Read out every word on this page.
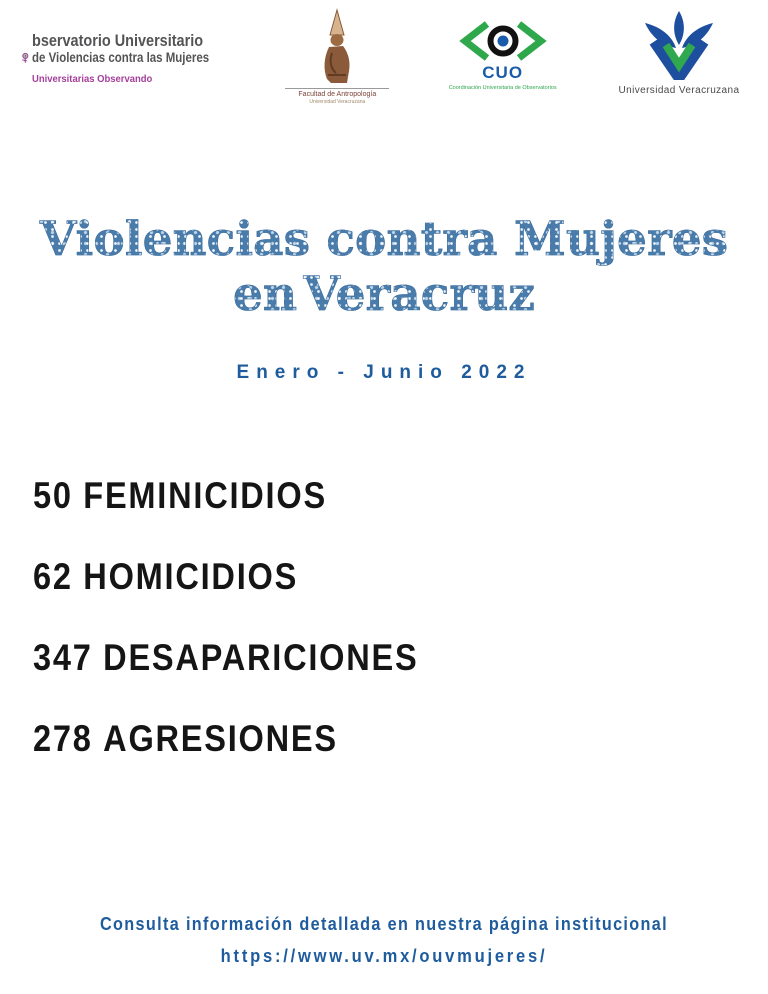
OUVMujeres
bservatorio Universitario
de Violencias contra las Mujeres
Universitarias Observando
Facultad de Antropología
Universidad Veracruzana
CUO
Coordinación Universitaria de Observatorios	Universidad Veracruzana
Violencias contra Mujeres
en Veracruz
Enero - Junio 2022
50 FEMINICIDIOS
62 HOMICIDIOS
347 DESAPARICIONES
278 AGRESIONES
Consulta información detallada en nuestra página institucional
https://www.uv.mx/ouvmujeres/
